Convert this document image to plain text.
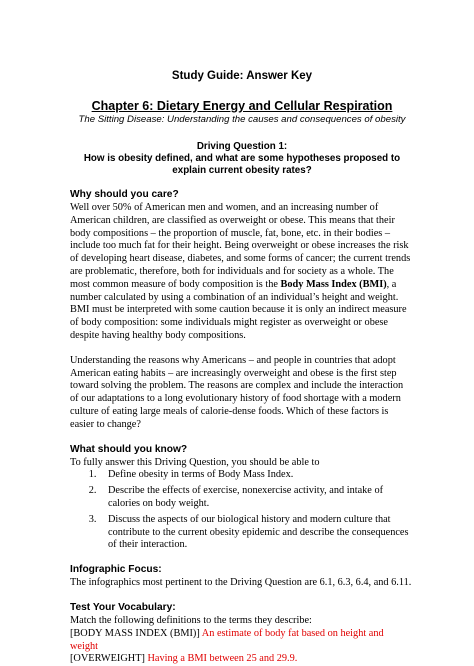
Study Guide: Answer Key
Chapter 6: Dietary Energy and Cellular Respiration
The Sitting Disease: Understanding the causes and consequences of obesity
Driving Question 1:
How is obesity defined, and what are some hypotheses proposed to explain current obesity rates?
Why should you care?

Well over 50% of American men and women, and an increasing number of American children, are classified as overweight or obese. This means that their body compositions – the proportion of muscle, fat, bone, etc. in their bodies – include too much fat for their height. Being overweight or obese increases the risk of developing heart disease, diabetes, and some forms of cancer; the current trends are problematic, therefore, both for individuals and for society as a whole. The most common measure of body composition is the Body Mass Index (BMI), a number calculated by using a combination of an individual’s height and weight. BMI must be interpreted with some caution because it is only an indirect measure of body composition: some individuals might register as overweight or obese despite having healthy body compositions.

Understanding the reasons why Americans – and people in countries that adopt American eating habits – are increasingly overweight and obese is the first step toward solving the problem. The reasons are complex and include the interaction of our adaptations to a long evolutionary history of food shortage with a modern culture of eating large meals of calorie-dense foods. Which of these factors is easier to change?

What should you know?
To fully answer this Driving Question, you should be able to
1. Define obesity in terms of Body Mass Index.
2. Describe the effects of exercise, nonexercise activity, and intake of calories on body weight.
3. Discuss the aspects of our biological history and modern culture that contribute to the current obesity epidemic and describe the consequences of their interaction.
Infographic Focus:

The infographics most pertinent to the Driving Question are 6.1, 6.3, 6.4, and 6.11.

Test Your Vocabulary:
Match the following definitions to the terms they describe:
[BODY MASS INDEX (BMI)] An estimate of body fat based on height and weight
[OVERWEIGHT] Having a BMI between 25 and 29.9.
